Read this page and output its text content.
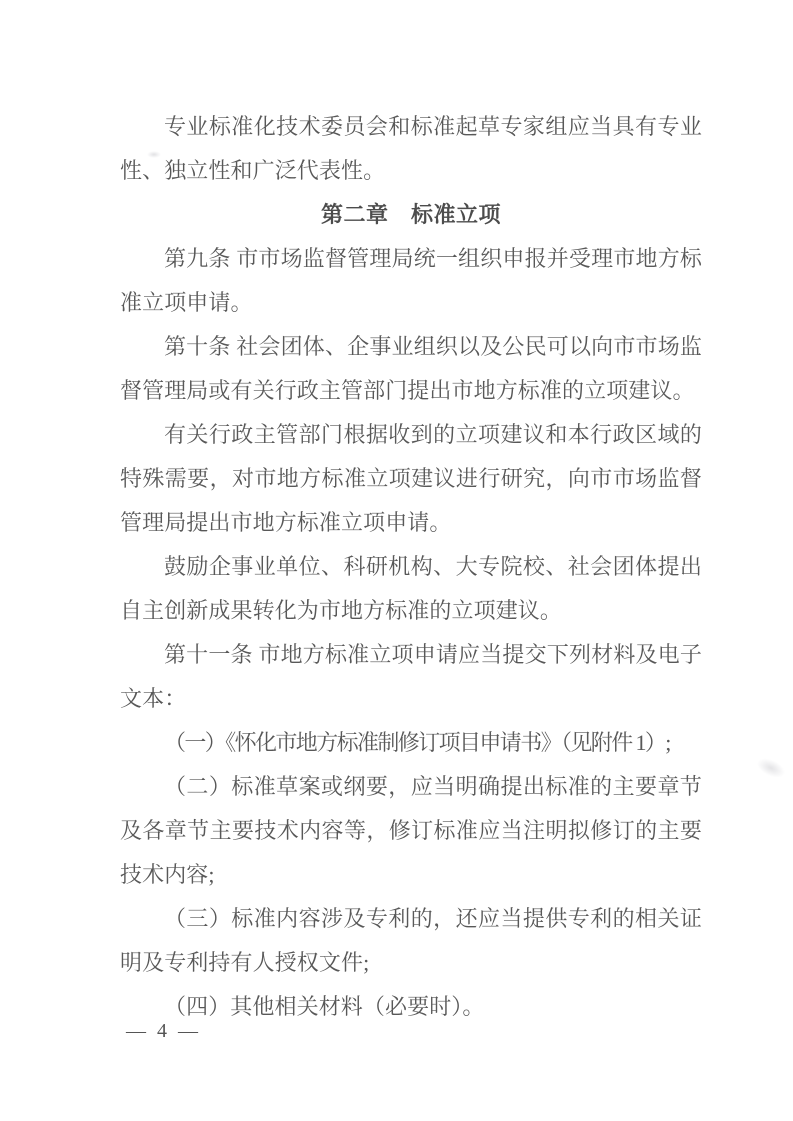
专业标准化技术委员会和标准起草专家组应当具有专业性、独立性和广泛代表性。

第二章　标准立项

第九条 市市场监督管理局统一组织申报并受理市地方标准立项申请。

第十条 社会团体、企事业组织以及公民可以向市市场监督管理局或有关行政主管部门提出市地方标准的立项建议。

有关行政主管部门根据收到的立项建议和本行政区域的特殊需要，对市地方标准立项建议进行研究，向市市场监督管理局提出市地方标准立项申请。

鼓励企事业单位、科研机构、大专院校、社会团体提出自主创新成果转化为市地方标准的立项建议。

第十一条 市地方标准立项申请应当提交下列材料及电子文本：

（一）《怀化市地方标准制修订项目申请书》（见附件 1）;

（二）标准草案或纲要，应当明确提出标准的主要章节及各章节主要技术内容等，修订标准应当注明拟修订的主要技术内容;

（三）标准内容涉及专利的，还应当提供专利的相关证明及专利持有人授权文件;

（四）其他相关材料（必要时）。

— 4 —
